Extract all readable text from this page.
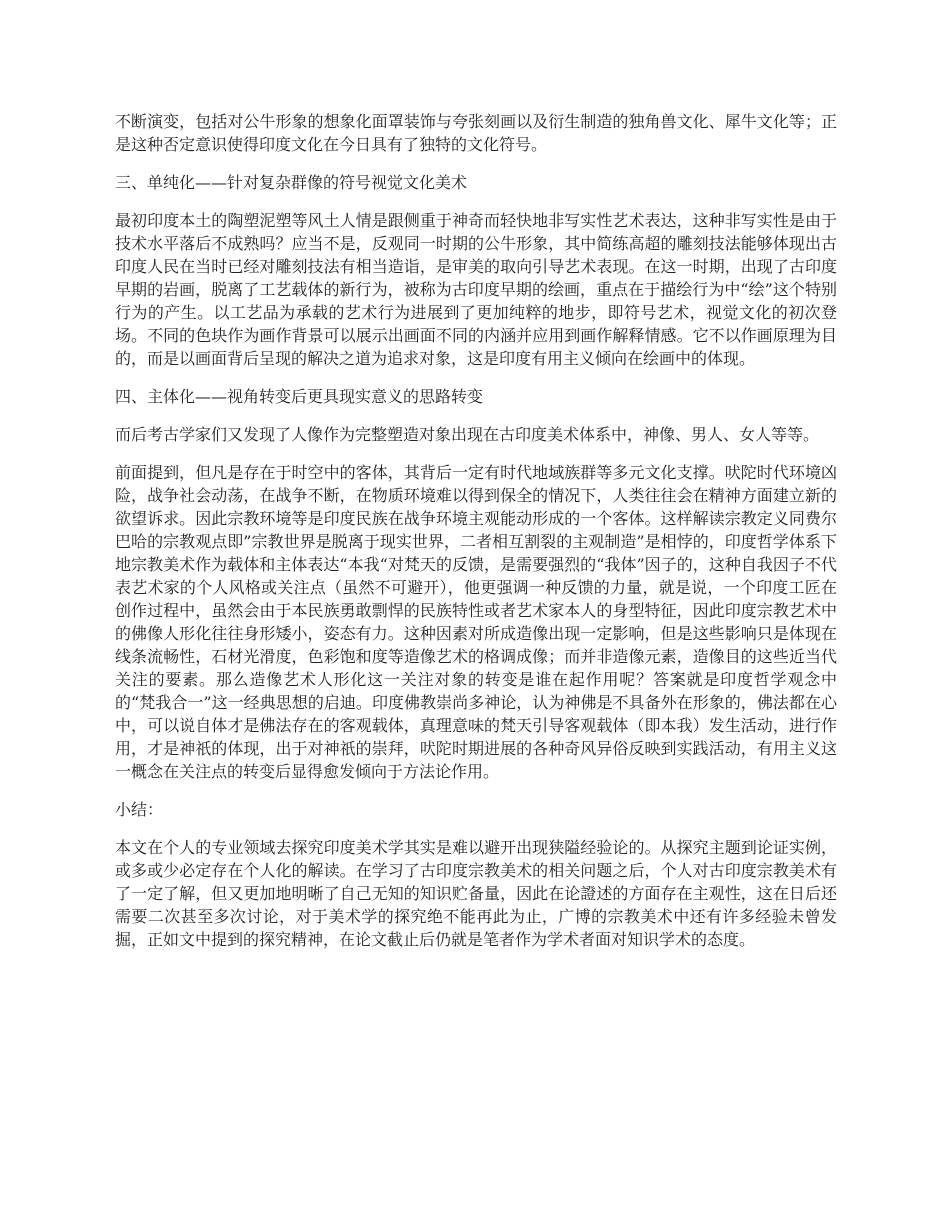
不断演变，包括对公牛形象的想象化面罩装饰与夸张刻画以及衍生制造的独角兽文化、犀牛文化等；正是这种否定意识使得印度文化在今日具有了独特的文化符号。

三、单纯化——针对复杂群像的符号视觉文化美术

最初印度本土的陶塑泥塑等风土人情是跟侧重于神奇而轻快地非写实性艺术表达，这种非写实性是由于技术水平落后不成熟吗？应当不是，反观同一时期的公牛形象，其中简练高超的雕刻技法能够体现出古印度人民在当时已经对雕刻技法有相当造诣，是审美的取向引导艺术表现。在这一时期，出现了古印度早期的岩画，脱离了工艺载体的新行为，被称为古印度早期的绘画，重点在于描绘行为中“绘”这个特别行为的产生。以工艺品为承载的艺术行为进展到了更加纯粹的地步，即符号艺术，视觉文化的初次登场。不同的色块作为画作背景可以展示出画面不同的内涵并应用到画作解释情感。它不以作画原理为目的，而是以画面背后呈现的解决之道为追求对象，这是印度有用主义倾向在绘画中的体现。

四、主体化——视角转变后更具现实意义的思路转变

而后考古学家们又发现了人像作为完整塑造对象出现在古印度美术体系中，神像、男人、女人等等。

前面提到，但凡是存在于时空中的客体，其背后一定有时代地域族群等多元文化支撑。吠陀时代环境凶险，战争社会动荡，在战争不断，在物质环境难以得到保全的情况下，人类往往会在精神方面建立新的欲望诉求。因此宗教环境等是印度民族在战争环境主观能动形成的一个客体。这样解读宗教定义同费尔巴哈的宗教观点即”宗教世界是脱离于现实世界，二者相互割裂的主观制造”是相悖的，印度哲学体系下地宗教美术作为载体和主体表达“本我“对梵天的反馈，是需要强烈的“我体”因子的，这种自我因子不代表艺术家的个人风格或关注点（虽然不可避开），他更强调一种反馈的力量，就是说，一个印度工匠在创作过程中，虽然会由于本民族勇敢剽悍的民族特性或者艺术家本人的身型特征，因此印度宗教艺术中的佛像人形化往往身形矮小，姿态有力。这种因素对所成造像出现一定影响，但是这些影响只是体现在线条流畅性，石材光滑度，色彩饱和度等造像艺术的格调成像；而并非造像元素，造像目的这些近当代关注的要素。那么造像艺术人形化这一关注对象的转变是谁在起作用呢？答案就是印度哲学观念中的“梵我合一”这一经典思想的启迪。印度佛教崇尚多神论，认为神佛是不具备外在形象的，佛法都在心中，可以说自体才是佛法存在的客观载体，真理意味的梵天引导客观载体（即本我）发生活动，进行作用，才是神祇的体现，出于对神祇的崇拜，吠陀时期进展的各种奇风异俗反映到实践活动，有用主义这一概念在关注点的转变后显得愈发倾向于方法论作用。

小结：

本文在个人的专业领域去探究印度美术学其实是难以避开出现狭隘经验论的。从探究主题到论证实例，或多或少必定存在个人化的解读。在学习了古印度宗教美术的相关问题之后，个人对古印度宗教美术有了一定了解，但又更加地明晰了自己无知的知识贮备量，因此在论證述的方面存在主观性，这在日后还需要二次甚至多次讨论，对于美术学的探究绝不能再此为止，广博的宗教美术中还有许多经验未曾发掘，正如文中提到的探究精神，在论文截止后仍就是笔者作为学术者面对知识学术的态度。
